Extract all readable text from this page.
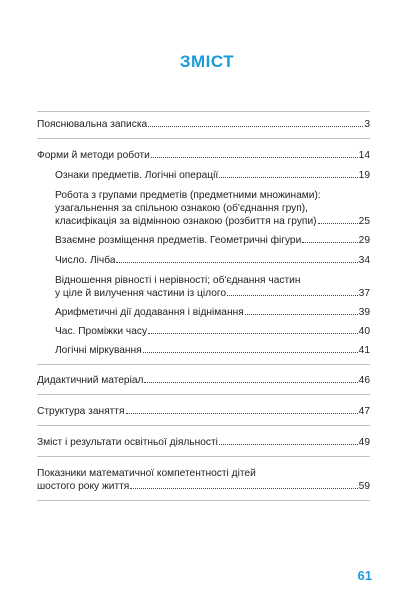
ЗМІСТ
Пояснювальна записка	3
Форми й методи роботи	14
Ознаки предметів. Логічні операції	19
Робота з групами предметів (предметними множинами):
узагальнення за спільною ознакою (об'єднання груп),
класифікація за відмінною ознакою (розбиття на групи)	25
Взаємне розміщення предметів. Геометричні фігури	29
Число. Лічба	34
Відношення рівності і нерівності; об'єднання частин
у ціле й вилучення частини із цілого	37
Арифметичні дії додавання і віднімання	39
Час. Проміжки часу	40
Логічні міркування	41
Дидактичний матеріал	46
Структура заняття	47
Зміст і результати освітньої діяльності	49
Показники математичної компетентності дітей
шостого року життя	59
61
